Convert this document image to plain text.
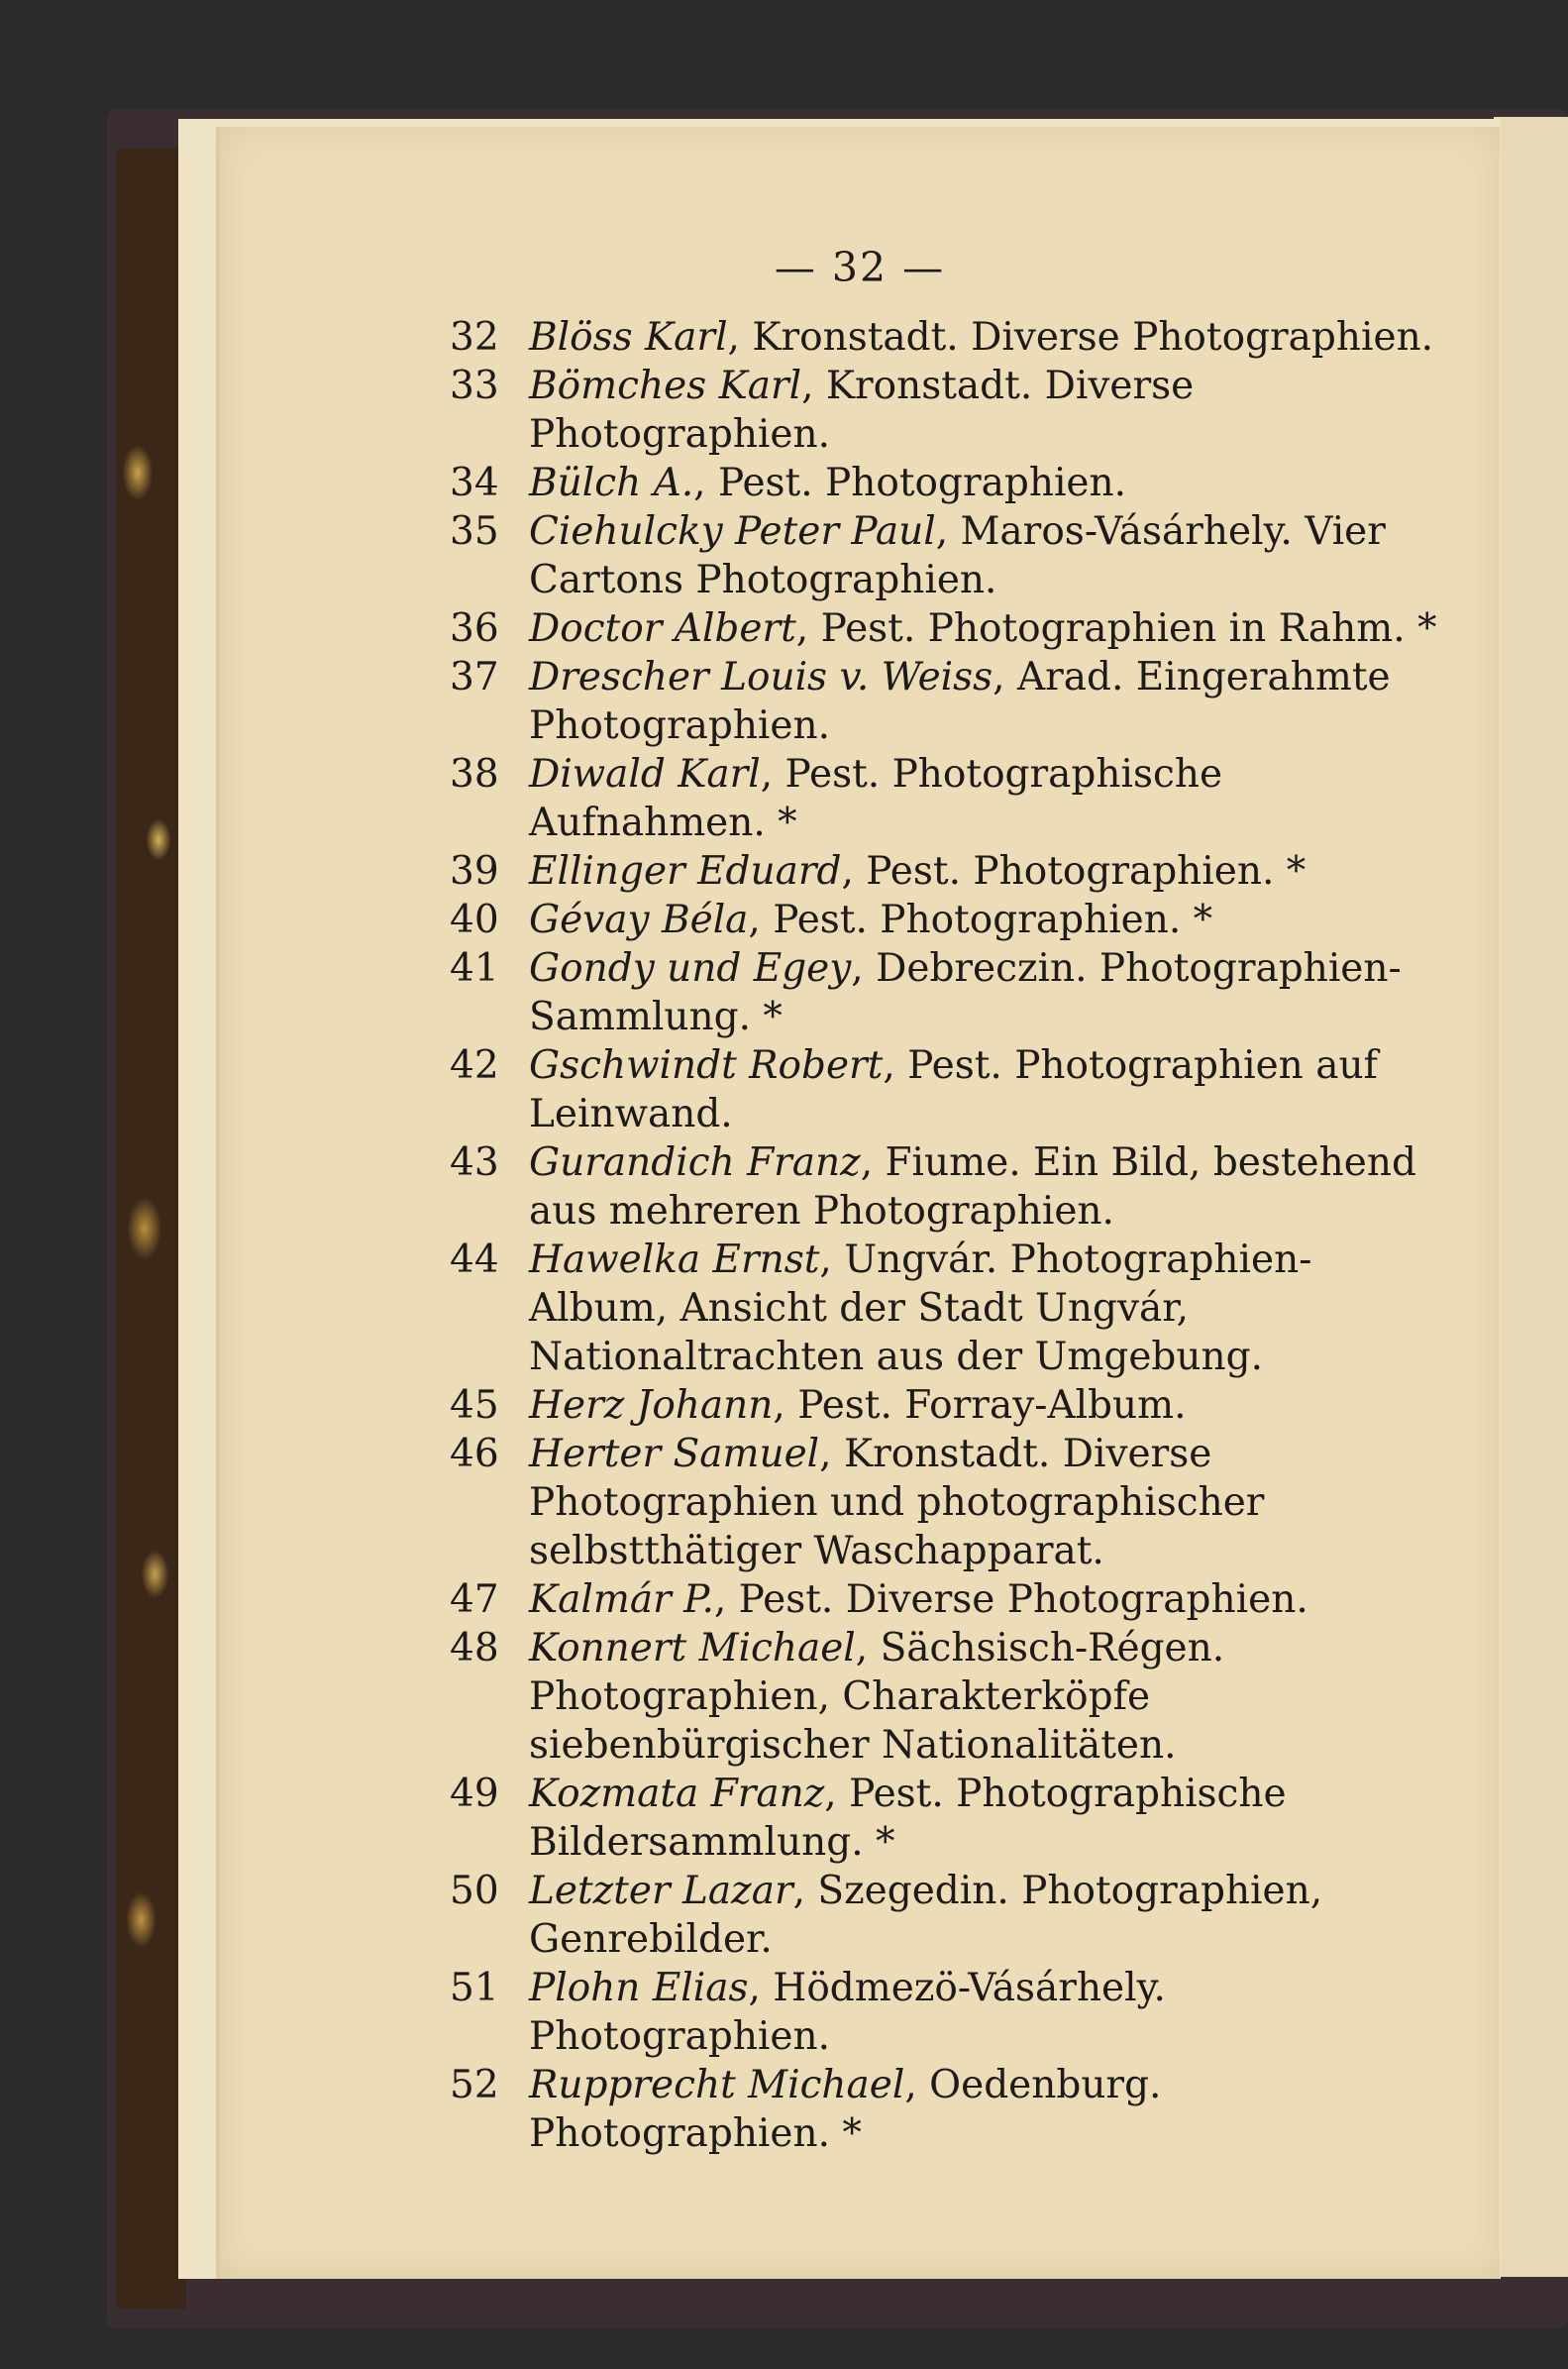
— 32 —
32 Blöss Karl, Kronstadt. Diverse Photographien.
33 Bömches Karl, Kronstadt. Diverse Photographien.
34 Bülch A., Pest. Photographien.
35 Ciehulcky Peter Paul, Maros-Vásárhely. Vier Cartons Photographien.
36 Doctor Albert, Pest. Photographien in Rahm. *
37 Drescher Louis v. Weiss, Arad. Eingerahmte Photographien.
38 Diwald Karl, Pest. Photographische Aufnahmen. *
39 Ellinger Eduard, Pest. Photographien. *
40 Gévay Béla, Pest. Photographien. *
41 Gondy und Egey, Debreczin. Photographien-Sammlung. *
42 Gschwindt Robert, Pest. Photographien auf Leinwand.
43 Gurandich Franz, Fiume. Ein Bild, bestehend aus mehreren Photographien.
44 Hawelka Ernst, Ungvár. Photographien-Album, Ansicht der Stadt Ungvár, Nationaltrachten aus der Umgebung.
45 Herz Johann, Pest. Forray-Album.
46 Herter Samuel, Kronstadt. Diverse Photographien und photographischer selbstthätiger Waschapparat.
47 Kalmár P., Pest. Diverse Photographien.
48 Konnert Michael, Sächsisch-Régen. Photographien, Charakterköpfe siebenbürgischer Nationalitäten.
49 Kozmata Franz, Pest. Photographische Bildersammlung. *
50 Letzter Lazar, Szegedin. Photographien, Genrebilder.
51 Plohn Elias, Hödmezö-Vásárhely. Photographien.
52 Rupprecht Michael, Oedenburg. Photographien. *
